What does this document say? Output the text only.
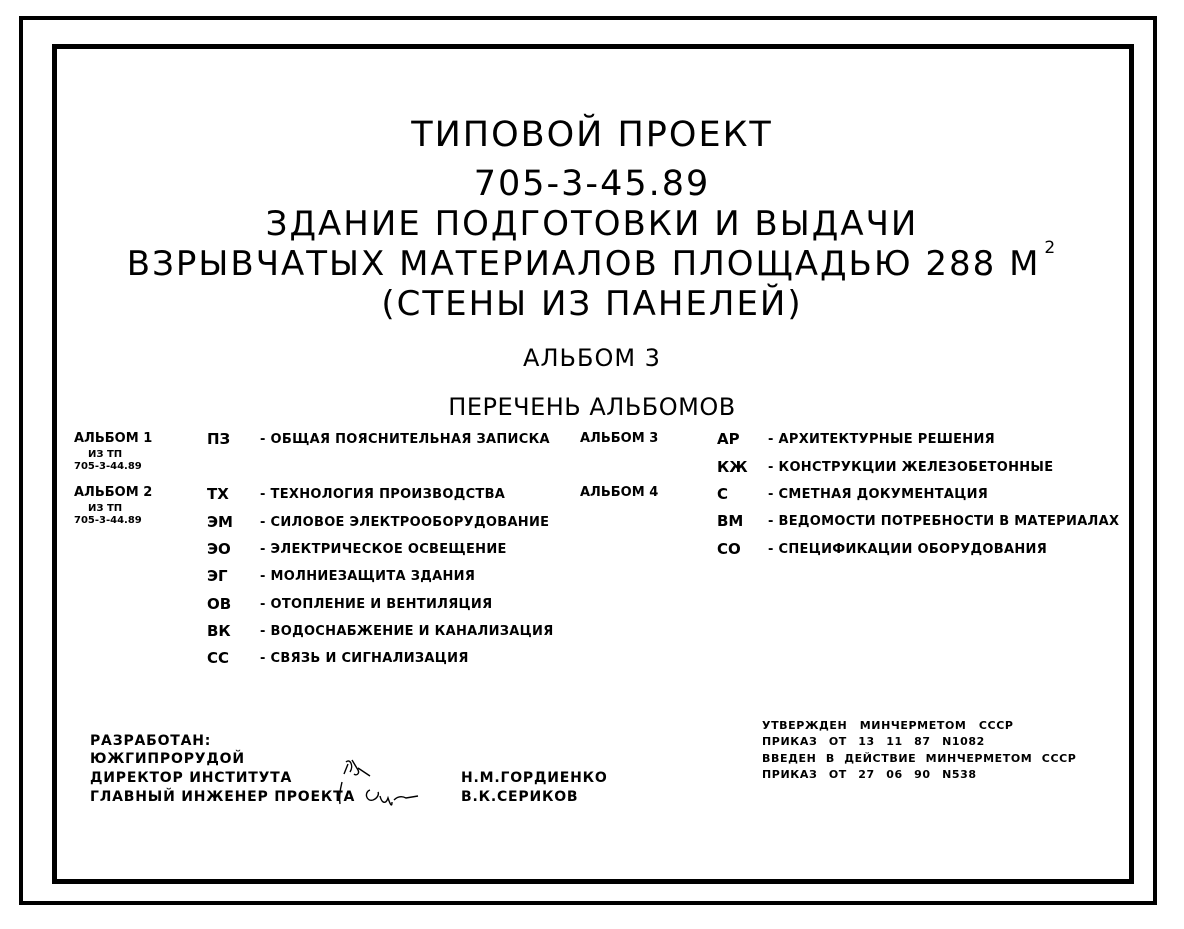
ТИПОВОЙ ПРОЕКТ
705-3-45.89
ЗДАНИЕ ПОДГОТОВКИ И ВЫДАЧИ
ВЗРЫВЧАТЫХ МАТЕРИАЛОВ ПЛОЩАДЬЮ 288 М $^2$
(СТЕНЫ ИЗ ПАНЕЛЕЙ)
АЛЬБОМ 3
ПЕРЕЧЕНЬ АЛЬБОМОВ
АЛЬБОМ 1
ИЗ ТП
705-3-44.89
АЛЬБОМ 2
ИЗ ТП
705-3-44.89
ПЗ - ОБЩАЯ ПОЯСНИТЕЛЬНАЯ ЗАПИСКА
ТХ - ТЕХНОЛОГИЯ ПРОИЗВОДСТВА
ЭМ - СИЛОВОЕ ЭЛЕКТРООБОРУДОВАНИЕ
ЭО - ЭЛЕКТРИЧЕСКОЕ ОСВЕЩЕНИЕ
ЭГ - МОЛНИЕЗАЩИТА ЗДАНИЯ
ОВ - ОТОПЛЕНИЕ И ВЕНТИЛЯЦИЯ
ВК - ВОДОСНАБЖЕНИЕ И КАНАЛИЗАЦИЯ
СС - СВЯЗЬ И СИГНАЛИЗАЦИЯ
АЛЬБОМ 3
АЛЬБОМ 4
АР - АРХИТЕКТУРНЫЕ РЕШЕНИЯ
КЖ - КОНСТРУКЦИИ ЖЕЛЕЗОБЕТОННЫЕ
С	- СМЕТНАЯ ДОКУМЕНТАЦИЯ
ВМ - ВЕДОМОСТИ ПОТРЕБНОСТИ В МАТЕРИАЛАХ
СО - СПЕЦИФИКАЦИИ ОБОРУДОВАНИЯ
РАЗРАБОТАН:
ЮЖГИПРОРУДОЙ
ДИРЕКТОР ИНСТИТУТА
ГЛАВНЫЙ ИНЖЕНЕР ПРОЕКТА
Н.М.ГОРДИЕНКО
В.К.СЕРИКОВ
УТВЕРЖДЕН МИНЧЕРМЕТОМ СССР
ПРИКАЗ ОТ 13 11 87 N1082
ВВЕДЕН В ДЕЙСТВИЕ МИНЧЕРМЕТОМ СССР
ПРИКАЗ ОТ 27 06 90 N538
